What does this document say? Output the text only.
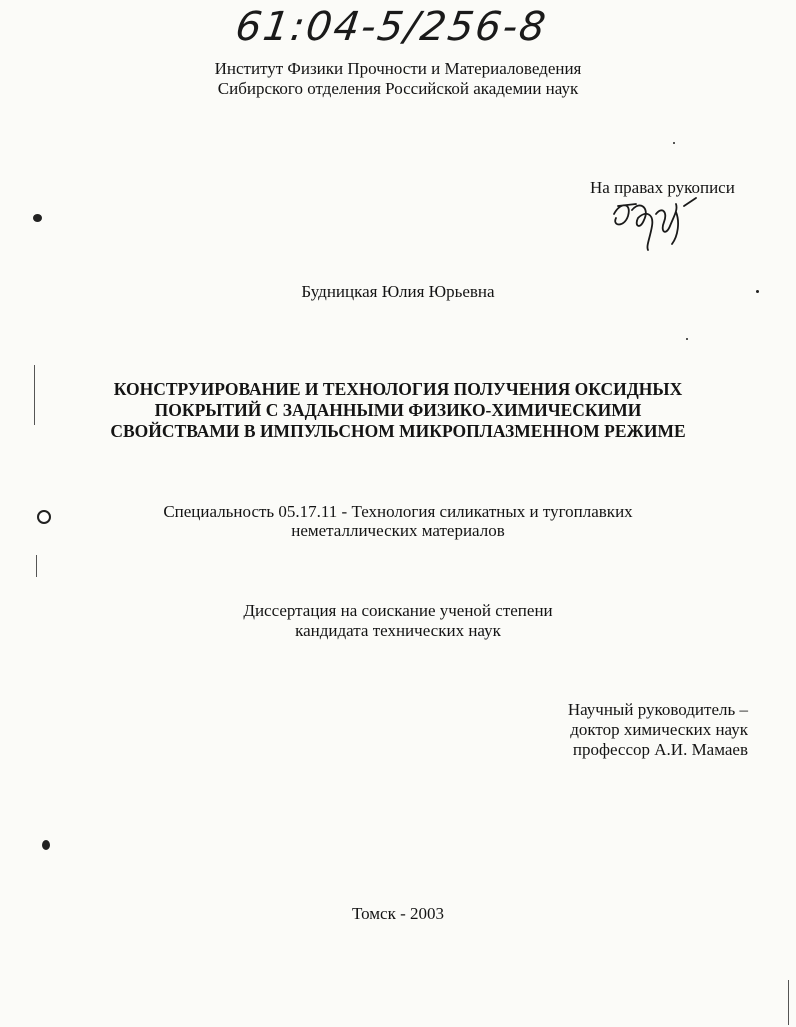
61:04-5/256-8
Институт Физики Прочности и Материаловедения
Сибирского отделения Российской академии наук
На правах рукописи
Будницкая Юлия Юрьевна
КОНСТРУИРОВАНИЕ И ТЕХНОЛОГИЯ ПОЛУЧЕНИЯ ОКСИДНЫХ
ПОКРЫТИЙ С ЗАДАННЫМИ ФИЗИКО-ХИМИЧЕСКИМИ
СВОЙСТВАМИ В ИМПУЛЬСНОМ МИКРОПЛАЗМЕННОМ РЕЖИМЕ
Специальность 05.17.11 - Технология силикатных и тугоплавких
неметаллических материалов
Диссертация на соискание ученой степени
кандидата технических наук
Научный руководитель –
доктор химических наук
профессор А.И. Мамаев
Томск - 2003
